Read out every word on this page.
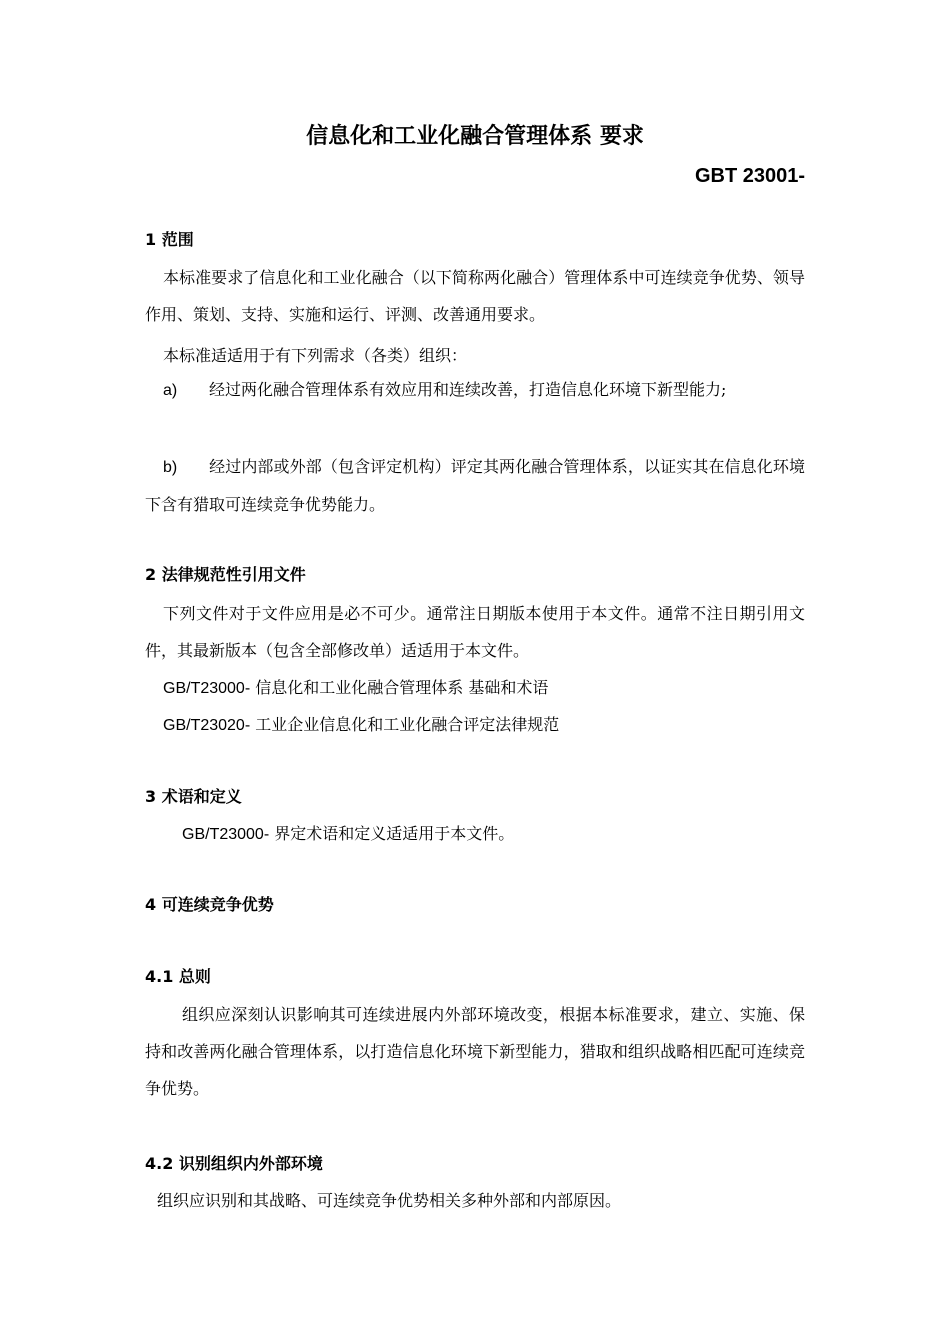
信息化和工业化融合管理体系 要求
GBT 23001-
1 范围
本标准要求了信息化和工业化融合（以下简称两化融合）管理体系中可连续竞争优势、领导作用、策划、支持、实施和运行、评测、改善通用要求。
本标准适适用于有下列需求（各类）组织：
a) 经过两化融合管理体系有效应用和连续改善，打造信息化环境下新型能力;
b) 经过内部或外部（包含评定机构）评定其两化融合管理体系，以证实其在信息化环境下含有猎取可连续竞争优势能力。
2 法律规范性引用文件
下列文件对于文件应用是必不可少。通常注日期版本使用于本文件。通常不注日期引用文件，其最新版本（包含全部修改单）适适用于本文件。
GB/T23000- 信息化和工业化融合管理体系 基础和术语
GB/T23020- 工业企业信息化和工业化融合评定法律规范
3 术语和定义
GB/T23000- 界定术语和定义适适用于本文件。
4 可连续竞争优势
4.1 总则
组织应深刻认识影响其可连续进展内外部环境改变，根据本标准要求，建立、实施、保持和改善两化融合管理体系，以打造信息化环境下新型能力，猎取和组织战略相匹配可连续竞争优势。
4.2 识别组织内外部环境
组织应识别和其战略、可连续竞争优势相关多种外部和内部原因。
